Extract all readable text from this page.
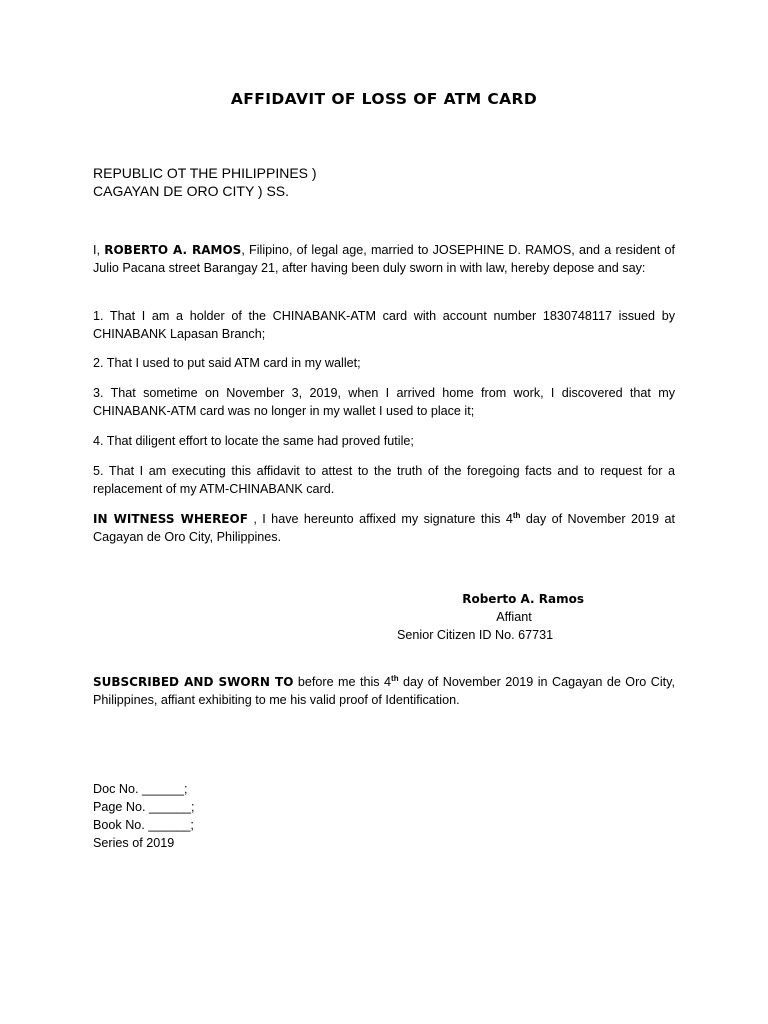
AFFIDAVIT OF LOSS OF ATM CARD
REPUBLIC OT THE PHILIPPINES )
CAGAYAN DE ORO CITY ) SS.
I, ROBERTO A. RAMOS, Filipino, of legal age, married to JOSEPHINE D. RAMOS, and a resident of Julio Pacana street Barangay 21, after having been duly sworn in with law, hereby depose and say:
1. That I am a holder of the CHINABANK-ATM card with account number 1830748117 issued by CHINABANK Lapasan Branch;
2. That I used to put said ATM card in my wallet;
3. That sometime on November 3, 2019, when I arrived home from work, I discovered that my CHINABANK-ATM card was no longer in my wallet I used to place it;
4. That diligent effort to locate the same had proved futile;
5. That I am executing this affidavit to attest to the truth of the foregoing facts and to request for a replacement of my ATM-CHINABANK card.
IN WITNESS WHEREOF , I have hereunto affixed my signature this 4th day of November 2019 at Cagayan de Oro City, Philippines.
Roberto A. Ramos
Affiant
Senior Citizen ID No. 67731
SUBSCRIBED AND SWORN TO before me this 4th day of November 2019 in Cagayan de Oro City, Philippines, affiant exhibiting to me his valid proof of Identification.
Doc No. ______;
Page No. ______;
Book No. ______;
Series of 2019
